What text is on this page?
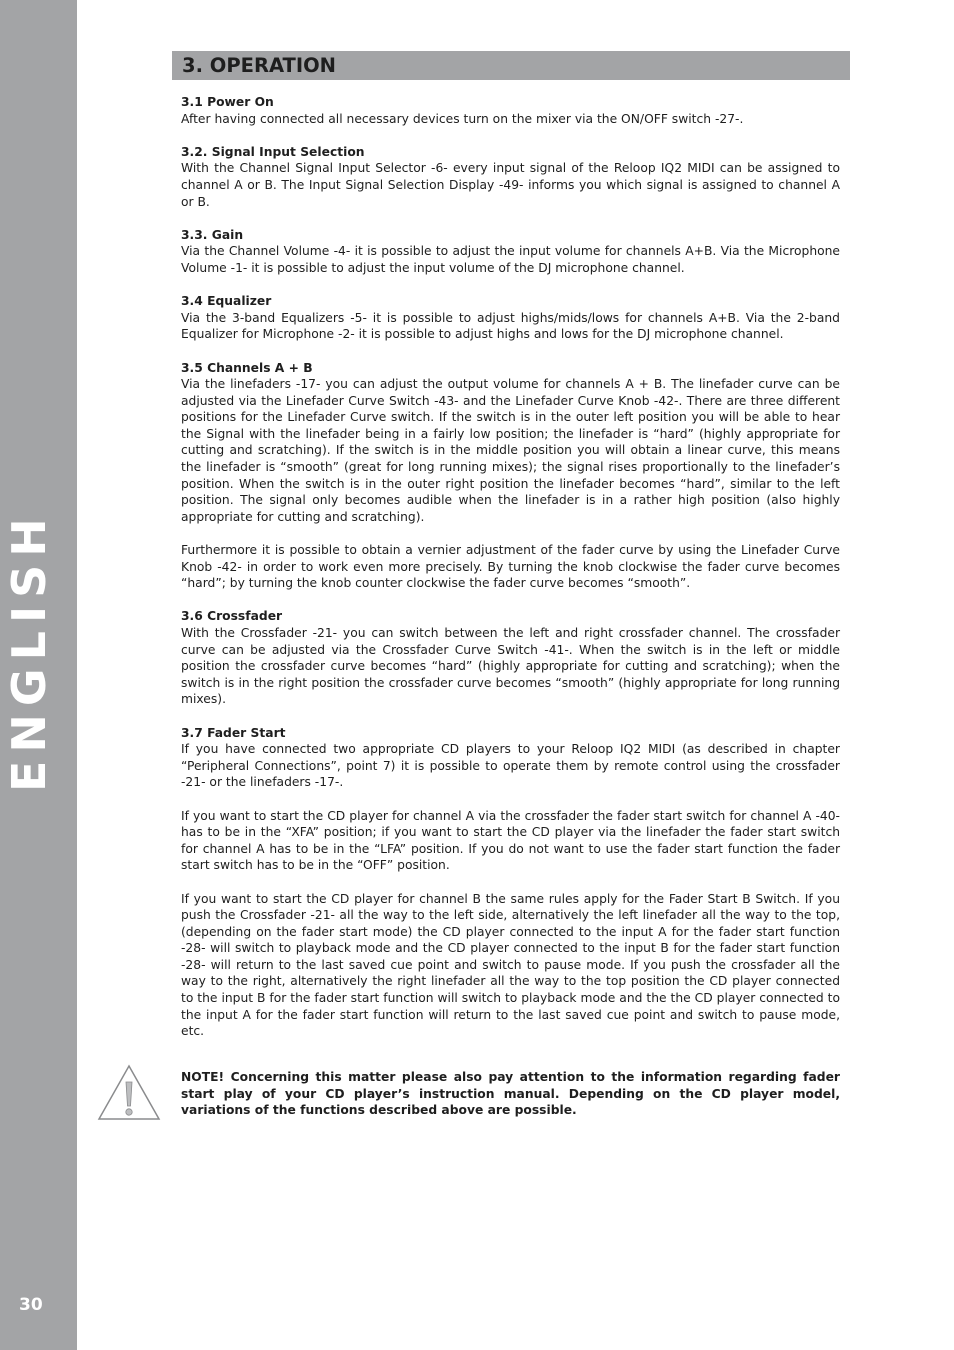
ENGLISH
30
3. OPERATION

3.1 Power On

After having connected all necessary devices turn on the mixer via the ON/OFF switch -27-.

3.2. Signal Input Selection

With the Channel Signal Input Selector -6- every input signal of the Reloop IQ2 MIDI can be assigned to channel A or B. The Input Signal Selection Display -49- informs you which signal is assigned to channel A or B.

3.3. Gain

Via the Channel Volume -4- it is possible to adjust the input volume for channels A+B. Via the Microphone Volume -1- it is possible to adjust the input volume of the DJ microphone channel.

3.4 Equalizer

Via the 3-band Equalizers -5- it is possible to adjust highs/mids/lows for channels A+B. Via the 2-band Equalizer for Microphone -2- it is possible to adjust highs and lows for the DJ microphone channel.

3.5 Channels A + B

Via the linefaders -17- you can adjust the output volume for channels A + B. The linefader curve can be adjusted via the Linefader Curve Switch -43- and the Linefader Curve Knob -42-. There are three different positions for the Linefader Curve switch. If the switch is in the outer left position you will be able to hear the Signal with the linefader being in a fairly low position; the linefader is “hard” (highly appropriate for cutting and scratching). If the switch is in the middle position you will obtain a linear curve, this means the linefader is “smooth” (great for long running mixes); the signal rises proportionally to the linefader’s position. When the switch is in the outer right position the linefader becomes “hard”, similar to the left position. The signal only becomes audible when the linefader is in a rather high position (also highly appropriate for cutting and scratching).

Furthermore it is possible to obtain a vernier adjustment of the fader curve by using the Linefader Curve Knob -42- in order to work even more precisely. By turning the knob clockwise the fader curve becomes “hard”; by turning the knob counter clockwise the fader curve becomes “smooth”.

3.6 Crossfader

With the Crossfader -21- you can switch between the left and right crossfader channel. The crossfader curve can be adjusted via the Crossfader Curve Switch -41-. When the switch is in the left or middle position the crossfader curve becomes “hard” (highly appropriate for cutting and scratching); when the switch is in the right position the crossfader curve becomes “smooth” (highly appropriate for long running mixes).

3.7 Fader Start

If you have connected two appropriate CD players to your Reloop IQ2 MIDI (as described in chapter “Peripheral Connections”, point 7) it is possible to operate them by remote control using the crossfader -21- or the linefaders -17-.

If you want to start the CD player for channel A via the crossfader the fader start switch for channel A -40- has to be in the “XFA” position; if you want to start the CD player via the linefader the fader start switch for channel A has to be in the “LFA” position. If you do not want to use the fader start function the fader start switch has to be in the “OFF” position.

If you want to start the CD player for channel B the same rules apply for the Fader Start B Switch. If you push the Crossfader -21- all the way to the left side, alternatively the left linefader all the way to the top, (depending on the fader start mode) the CD player connected to the input A for the fader start function -28- will switch to playback mode and the CD player connected to the input B for the fader start function -28- will return to the last saved cue point and switch to pause mode. If you push the crossfader all the way to the right, alternatively the right linefader all the way to the top position the CD player connected to the input B for the fader start function will switch to playback mode and the the CD player connected to the input A for the fader start function will return to the last saved cue point and switch to pause mode, etc.

NOTE! Concerning this matter please also pay attention to the information regarding fader start play of your CD player’s instruction manual. Depending on the CD player model, variations of the functions described above are possible.
